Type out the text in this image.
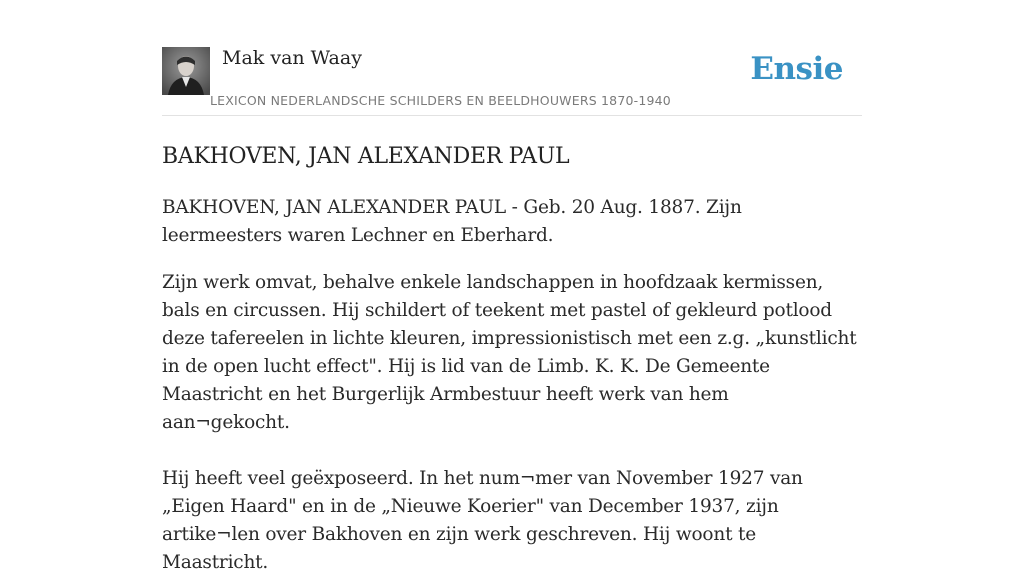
Mak van Waay
LEXICON NEDERLANDSCHE SCHILDERS EN BEELDHOUWERS 1870-1940
Ensie
BAKHOVEN, JAN ALEXANDER PAUL

BAKHOVEN, JAN ALEXANDER PAUL - Geb. 20 Aug. 1887. Zijn leermeesters waren Lechner en Eberhard.

Zijn werk omvat, behalve enkele landschappen in hoofdzaak kermissen, bals en circussen. Hij schildert of teekent met pastel of gekleurd potlood deze tafereelen in lichte kleuren, impressionistisch met een z.g. „kunstlicht in de open lucht effect". Hij is lid van de Limb. K. K. De Gemeente Maastricht en het Burgerlijk Armbestuur heeft werk van hem aan¬gekocht.

Hij heeft veel geëxposeerd. In het num¬mer van November 1927 van „Eigen Haard" en in de „Nieuwe Koerier" van December 1937, zijn artike¬len over Bakhoven en zijn werk geschreven. Hij woont te Maastricht.
